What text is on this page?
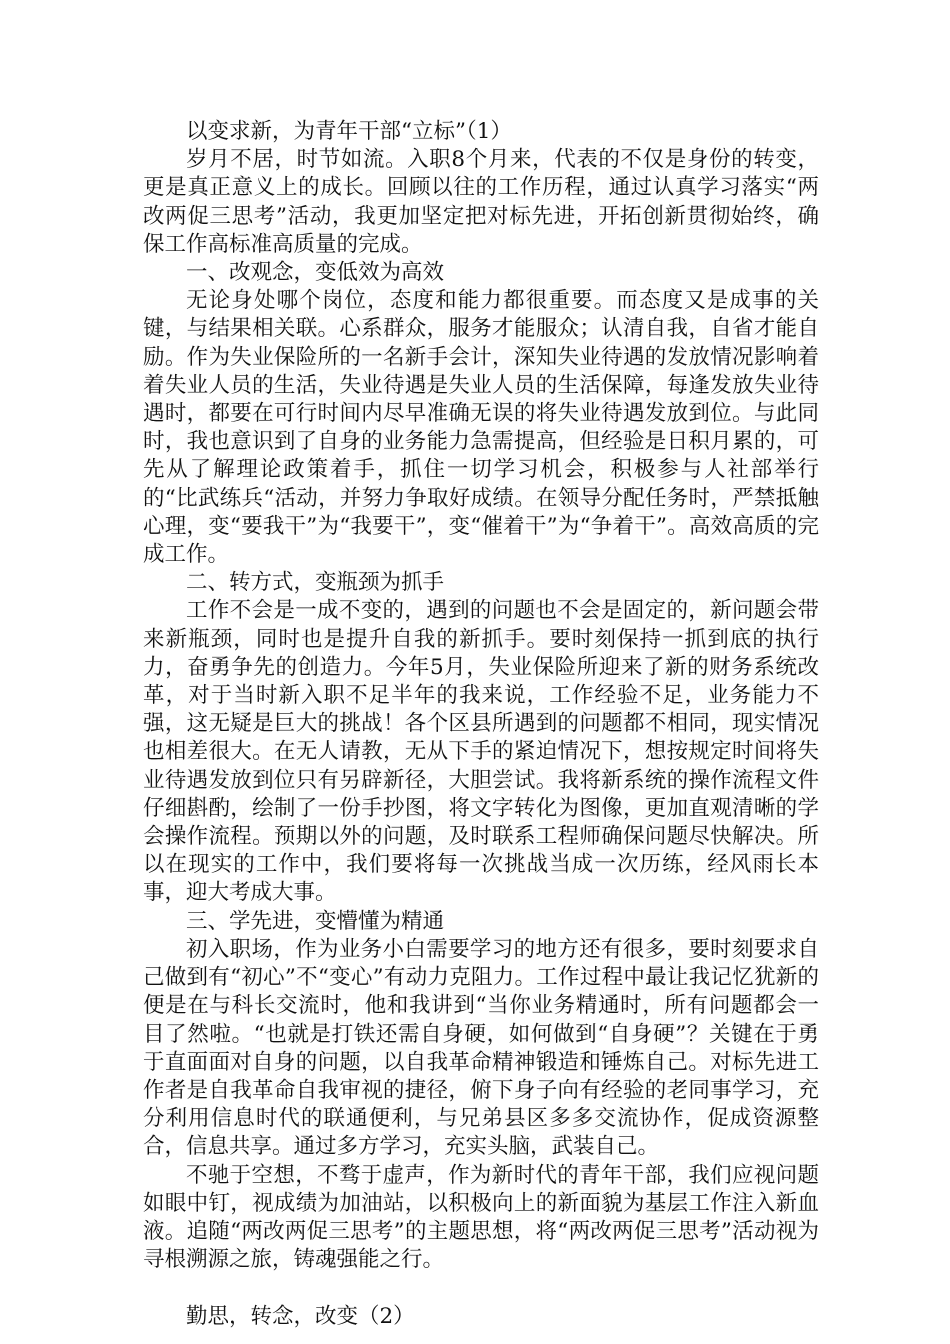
以变求新，为青年干部“立标”（1）

岁月不居，时节如流。入职8个月来，代表的不仅是身份的转变，更是真正意义上的成长。回顾以往的工作历程，通过认真学习落实“两改两促三思考”活动，我更加坚定把对标先进，开拓创新贯彻始终，确保工作高标准高质量的完成。

一、改观念，变低效为高效

无论身处哪个岗位，态度和能力都很重要。而态度又是成事的关键，与结果相关联。心系群众，服务才能服众；认清自我，自省才能自励。作为失业保险所的一名新手会计，深知失业待遇的发放情况影响着着失业人员的生活，失业待遇是失业人员的生活保障，每逢发放失业待遇时，都要在可行时间内尽早准确无误的将失业待遇发放到位。与此同时，我也意识到了自身的业务能力急需提高，但经验是日积月累的，可先从了解理论政策着手，抓住一切学习机会，积极参与人社部举行的“比武练兵“活动，并努力争取好成绩。在领导分配任务时，严禁抵触心理，变“要我干”为“我要干”，变“催着干”为“争着干”。高效高质的完成工作。

二、转方式，变瓶颈为抓手

工作不会是一成不变的，遇到的问题也不会是固定的，新问题会带来新瓶颈，同时也是提升自我的新抓手。要时刻保持一抓到底的执行力，奋勇争先的创造力。今年5月，失业保险所迎来了新的财务系统改革，对于当时新入职不足半年的我来说，工作经验不足，业务能力不强，这无疑是巨大的挑战！各个区县所遇到的问题都不相同，现实情况也相差很大。在无人请教，无从下手的紧迫情况下，想按规定时间将失业待遇发放到位只有另辟新径，大胆尝试。我将新系统的操作流程文件仔细斟酌，绘制了一份手抄图，将文字转化为图像，更加直观清晰的学会操作流程。预期以外的问题，及时联系工程师确保问题尽快解决。所以在现实的工作中，我们要将每一次挑战当成一次历练，经风雨长本事，迎大考成大事。

三、学先进，变懵懂为精通

初入职场，作为业务小白需要学习的地方还有很多，要时刻要求自己做到有“初心”不“变心”有动力克阻力。工作过程中最让我记忆犹新的便是在与科长交流时，他和我讲到“当你业务精通时，所有问题都会一目了然啦。“也就是打铁还需自身硬，如何做到“自身硬”？关键在于勇于直面面对自身的问题，以自我革命精神锻造和锤炼自己。对标先进工作者是自我革命自我审视的捷径，俯下身子向有经验的老同事学习，充分利用信息时代的联通便利，与兄弟县区多多交流协作，促成资源整合，信息共享。通过多方学习，充实头脑，武装自己。

不驰于空想，不骛于虚声，作为新时代的青年干部，我们应视问题如眼中钉，视成绩为加油站，以积极向上的新面貌为基层工作注入新血液。追随“两改两促三思考”的主题思想，将“两改两促三思考”活动视为寻根溯源之旅，铸魂强能之行。

勤思，转念，改变（2）
